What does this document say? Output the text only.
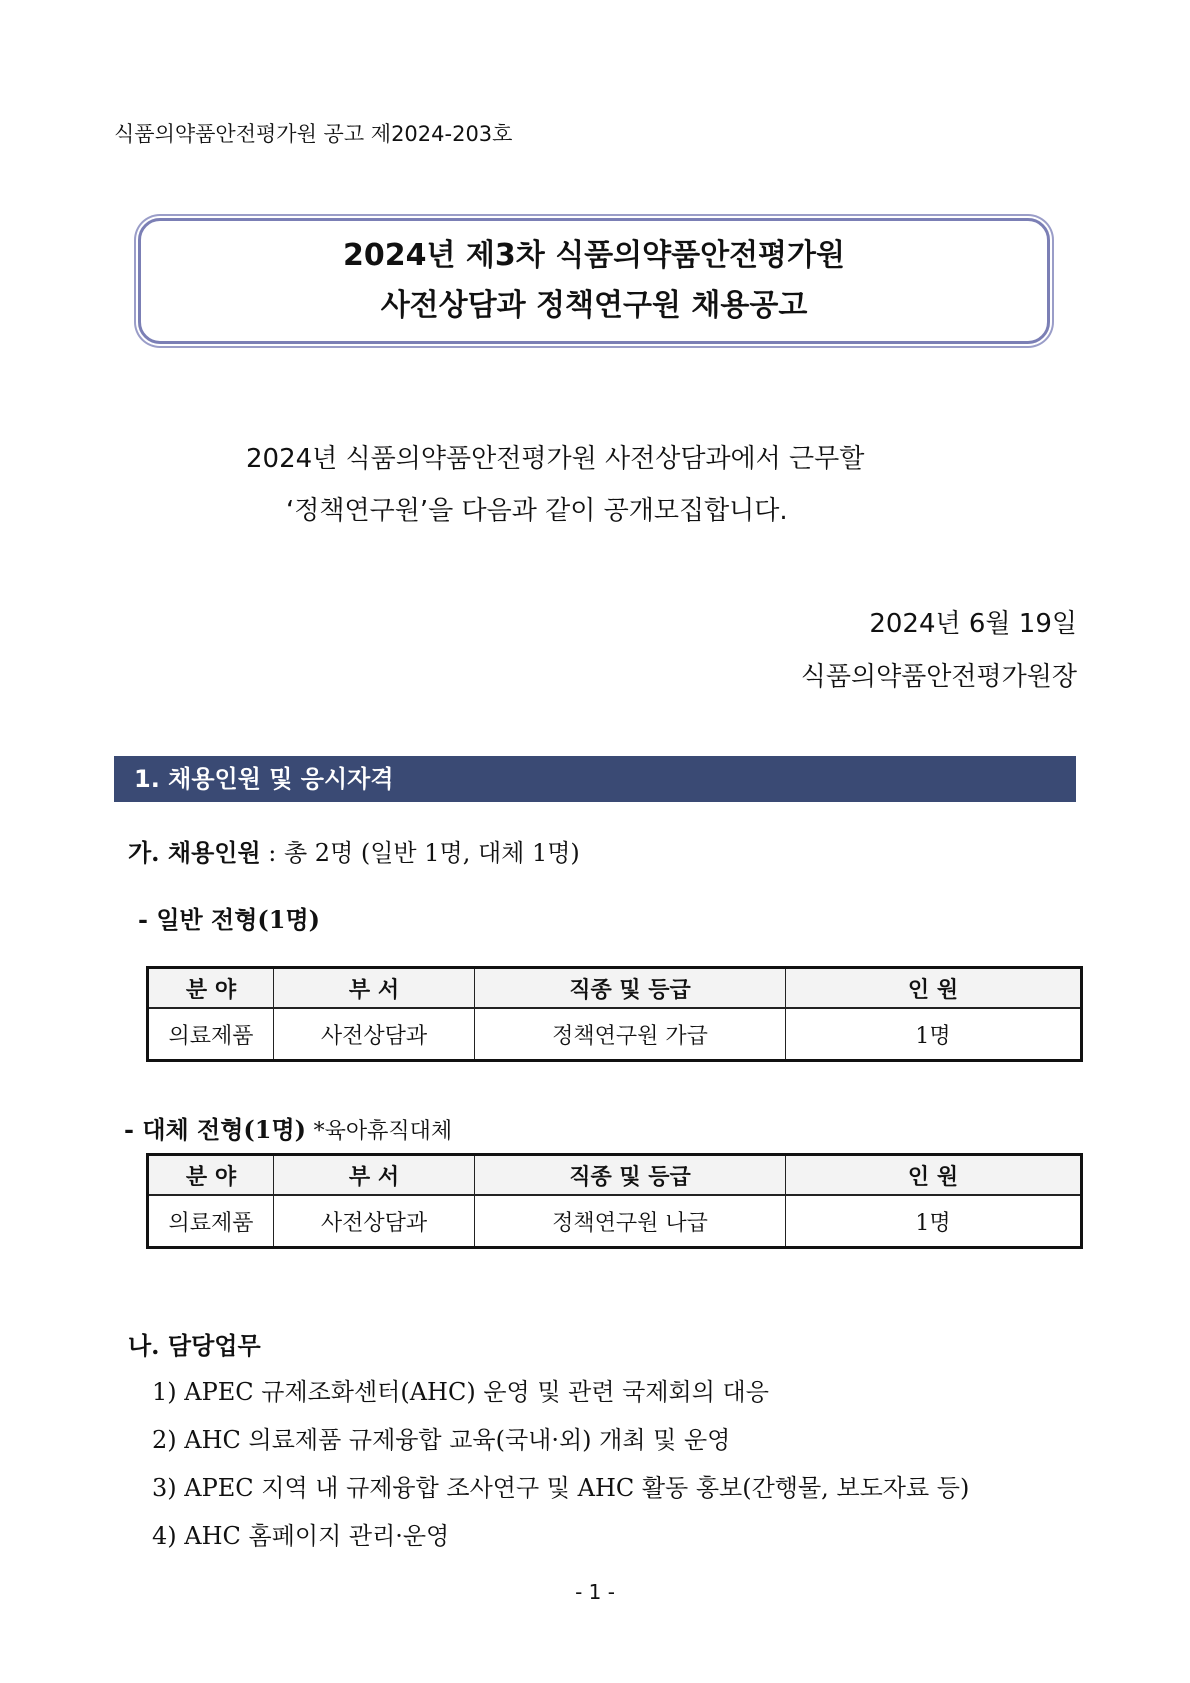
식품의약품안전평가원 공고 제2024-203호
2024년 제3차 식품의약품안전평가원
사전상담과 정책연구원 채용공고
2024년 식품의약품안전평가원 사전상담과에서 근무할
‘정책연구원’을 다음과 같이 공개모집합니다.
2024년 6월 19일
식품의약품안전평가원장
1. 채용인원 및 응시자격
가. 채용인원 : 총 2명 (일반 1명, 대체 1명)
- 일반 전형(1명)
분 야	부 서	직종 및 등급	인 원
의료제품	사전상담과	정책연구원 가급	1명
- 대체 전형(1명) *육아휴직대체
분 야	부 서	직종 및 등급	인 원
의료제품	사전상담과	정책연구원 나급	1명
나. 담당업무
1) APEC 규제조화센터(AHC) 운영 및 관련 국제회의 대응
2) AHC 의료제품 규제융합 교육(국내·외) 개최 및 운영
3) APEC 지역 내 규제융합 조사연구 및 AHC 활동 홍보(간행물, 보도자료 등)
4) AHC 홈페이지 관리·운영
- 1 -
